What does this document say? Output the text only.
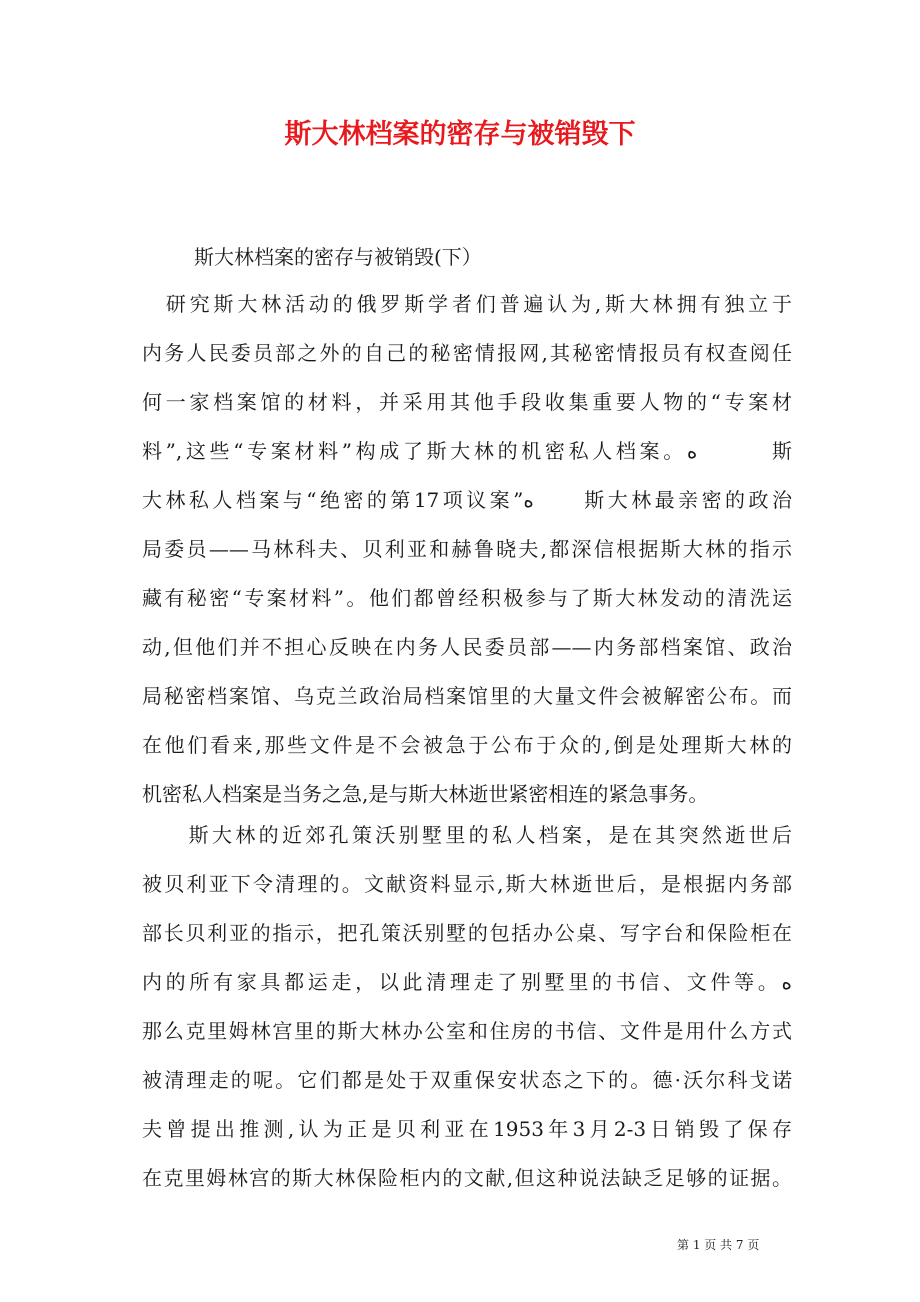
斯大林档案的密存与被销毁下
斯大林档案的密存与被销毁(下）
　研究斯大林活动的俄罗斯学者们普遍认为,斯大林拥有独立于
内务人民委员部之外的自己的秘密情报网,其秘密情报员有权查阅任
何一家档案馆的材料，并采用其他手段收集重要人物的“专案材
料”,这些“专案材料”构成了斯大林的机密私人档案。ﻩ　　　斯
大林私人档案与“绝密的第17项议案”ﻩ　　斯大林最亲密的政治
局委员——马林科夫、贝利亚和赫鲁晓夫,都深信根据斯大林的指示
藏有秘密“专案材料”。他们都曾经积极参与了斯大林发动的清洗运
动,但他们并不担心反映在内务人民委员部——内务部档案馆、政治
局秘密档案馆、乌克兰政治局档案馆里的大量文件会被解密公布。而
在他们看来,那些文件是不会被急于公布于众的,倒是处理斯大林的
机密私人档案是当务之急,是与斯大林逝世紧密相连的紧急事务。
　　斯大林的近郊孔策沃别墅里的私人档案，是在其突然逝世后
被贝利亚下令清理的。文献资料显示,斯大林逝世后，是根据内务部
部长贝利亚的指示，把孔策沃别墅的包括办公桌、写字台和保险柜在
内的所有家具都运走，以此清理走了别墅里的书信、文件等。ﻩ
那么克里姆林宫里的斯大林办公室和住房的书信、文件是用什么方式
被清理走的呢。它们都是处于双重保安状态之下的。德·沃尔科戈诺
夫曾提出推测,认为正是贝利亚在1953年3月2-3日销毁了保存
在克里姆林宫的斯大林保险柜内的文献,但这种说法缺乏足够的证据。
第 1 页 共 7 页
